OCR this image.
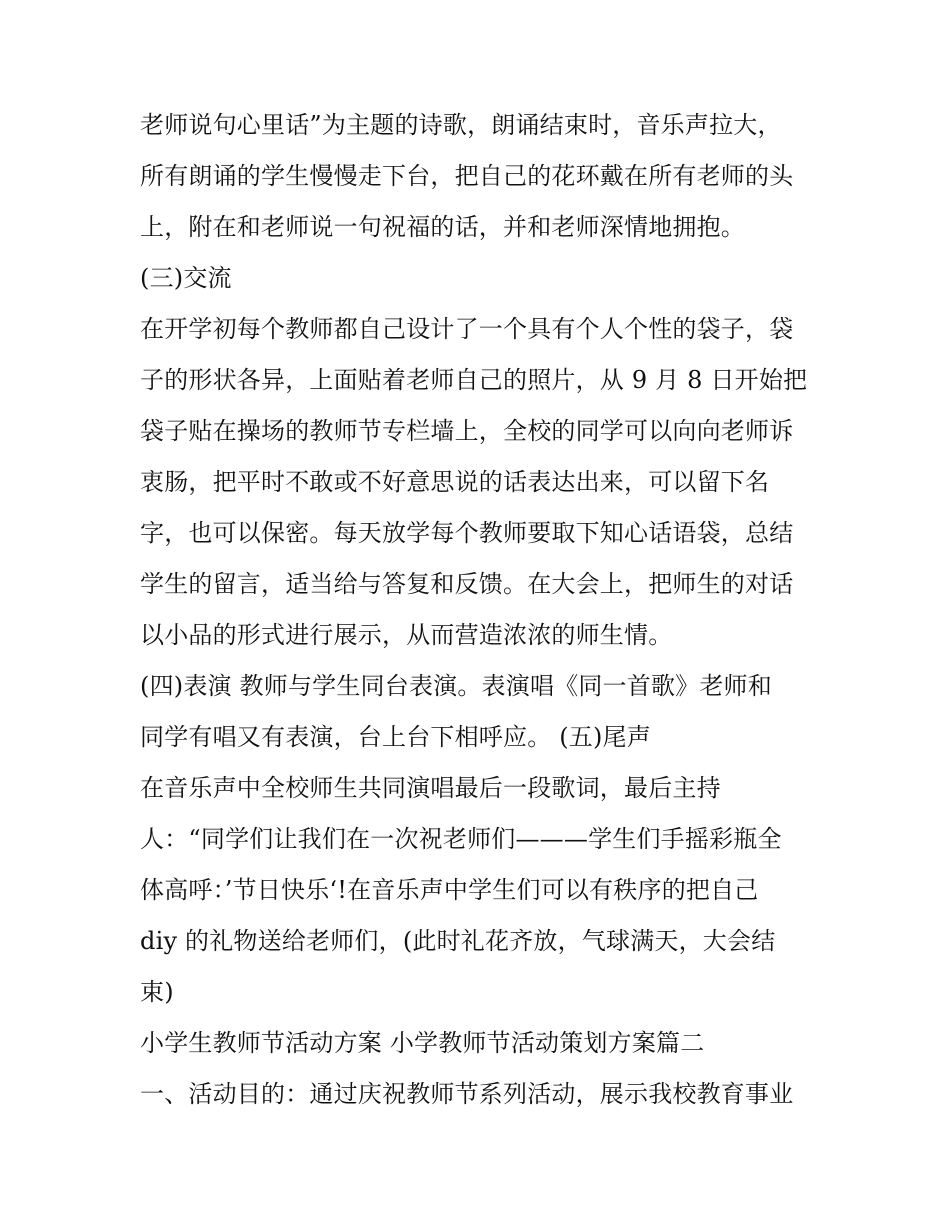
老师说句心里话”为主题的诗歌，朗诵结束时，音乐声拉大，
所有朗诵的学生慢慢走下台，把自己的花环戴在所有老师的头
上，附在和老师说一句祝福的话，并和老师深情地拥抱。
(三)交流
在开学初每个教师都自己设计了一个具有个人个性的袋子，袋
子的形状各异，上面贴着老师自己的照片，从 9 月 8 日开始把
袋子贴在操场的教师节专栏墙上，全校的同学可以向向老师诉
衷肠，把平时不敢或不好意思说的话表达出来，可以留下名
字，也可以保密。每天放学每个教师要取下知心话语袋，总结
学生的留言，适当给与答复和反馈。在大会上，把师生的对话
以小品的形式进行展示，从而营造浓浓的师生情。
(四)表演 教师与学生同台表演。表演唱《同一首歌》老师和
同学有唱又有表演，台上台下相呼应。 (五)尾声
在音乐声中全校师生共同演唱最后一段歌词，最后主持
人：“同学们让我们在一次祝老师们———学生们手摇彩瓶全
体高呼：’节日快乐‘!在音乐声中学生们可以有秩序的把自己
diy 的礼物送给老师们，(此时礼花齐放，气球满天，大会结
束)
小学生教师节活动方案 小学教师节活动策划方案篇二
一、活动目的：通过庆祝教师节系列活动，展示我校教育事业
